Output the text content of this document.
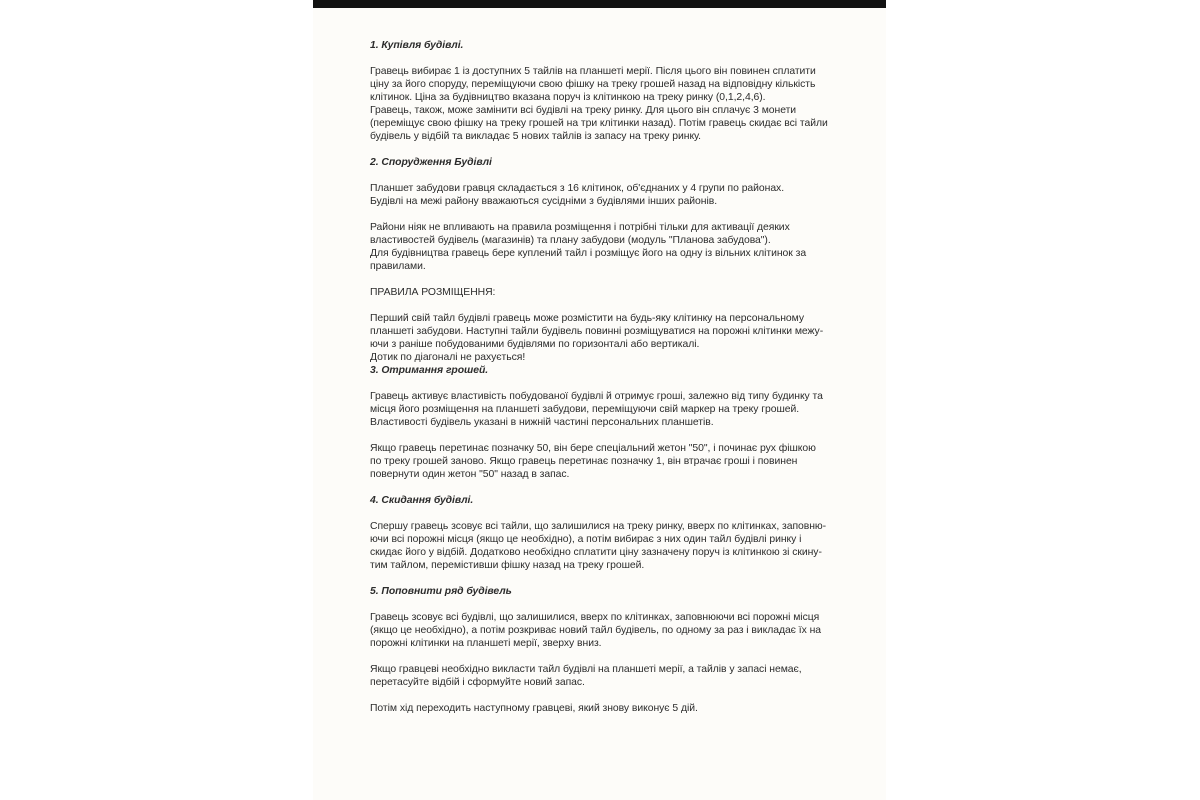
1. Купівля будівлі.

Гравець вибирає 1 із доступних 5 тайлів на планшеті мерії. Після цього він повинен сплатити
ціну за його споруду, переміщуючи свою фішку на треку грошей назад на відповідну кількість
клітинок. Ціна за будівництво вказана поруч із клітинкою на треку ринку (0,1,2,4,6).
Гравець, також, може замінити всі будівлі на треку ринку. Для цього він сплачує 3 монети
(переміщує свою фішку на треку грошей на три клітинки назад). Потім гравець скидає всі тайли
будівель у відбій та викладає 5 нових тайлів із запасу на треку ринку.

2. Спорудження Будівлі

Планшет забудови гравця складається з 16 клітинок, об'єднаних у 4 групи по районах.
Будівлі на межі району вважаються сусідніми з будівлями інших районів.

Райони ніяк не впливають на правила розміщення і потрібні тільки для активації деяких
властивостей будівель (магазинів) та плану забудови (модуль "Планова забудова").
Для будівництва гравець бере куплений тайл і розміщує його на одну із вільних клітинок за
правилами.

ПРАВИЛА РОЗМІЩЕННЯ:

Перший свій тайл будівлі гравець може розмістити на будь-яку клітинку на персональному
планшеті забудови. Наступні тайли будівель повинні розміщуватися на порожні клітинки межу-
ючи з раніше побудованими будівлями по горизонталі або вертикалі.
Дотик по діагоналі не рахується!

3. Отримання грошей.

Гравець активує властивість побудованої будівлі й отримує гроші, залежно від типу будинку та
місця його розміщення на планшеті забудови, переміщуючи свій маркер на треку грошей.
Властивості будівель указані в нижній частині персональних планшетів.

Якщо гравець перетинає позначку 50, він бере спеціальний жетон "50", і починає рух фішкою
по треку грошей заново. Якщо гравець перетинає позначку 1, він втрачає гроші і повинен
повернути один жетон "50" назад в запас.

4. Скидання будівлі.

Спершу гравець зсовує всі тайли, що залишилися на треку ринку, вверх по клітинках, заповню-
ючи всі порожні місця (якщо це необхідно), а потім вибирає з них один тайл будівлі ринку і
скидає його у відбій. Додатково необхідно сплатити ціну зазначену поруч із клітинкою зі скину-
тим тайлом, перемістивши фішку назад на треку грошей.

5. Поповнити ряд будівель

Гравець зсовує всі будівлі, що залишилися, вверх по клітинках, заповнюючи всі порожні місця
(якщо це необхідно), а потім розкриває новий тайл будівель, по одному за раз і викладає їх на
порожні клітинки на планшеті мерії, зверху вниз.

Якщо гравцеві необхідно викласти тайл будівлі на планшеті мерії, а тайлів у запасі немає,
перетасуйте відбій і сформуйте новий запас.

Потім хід переходить наступному гравцеві, який знову виконує 5 дій.
